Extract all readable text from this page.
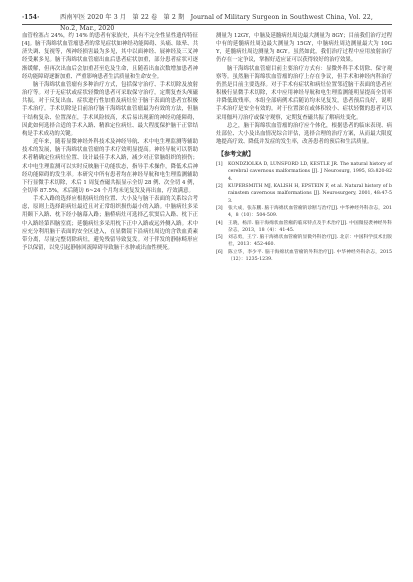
·154·	西南军医 2020 年 3 月　第 22 卷　第 2 期　Journal of Military Surgeon in Southwest China, Vol. 22, No.2, Mar., 2020

血管栓塞占 24%，约 14% 的患者有家族史，具有不完全性显性遗传特征[4]。脑干海绵状血管瘤患者的常见症状如神经功能障碍、头痛、眩晕、共济失调、复视等，颅神经损害最为多见，其中以面神经、展神经及三叉神经受累多见。脑干海绵状血管瘤出血后患者症状加重，部分患者症状可逐渐缓解，但再次出血后会加重甚至危及生命，且随着出血次数增加患者神经功能障碍逐渐加重、严重影响患者生活质量和生命安全。

脑干海绵状血管瘤有多种治疗方式，包括保守治疗、手术切除及放射治疗等。对于无症状或症状轻微的患者可采取保守治疗，定期复查头颅磁共振，对于反复出血、症状进行性加重及病灶位于脑干表面的患者宜积极手术治疗。手术切除是目前治疗脑干海绵状血管瘤最为有效的方法，但脑干结构复杂、位置深在，手术风险较高，术后易出现新的神经功能障碍，因此如何选择合适的手术入路、精准定位病灶、最大程度保护脑干正常结构是手术成功的关键。

近年来，随着显微神经外科技术及神经导航、术中电生理监测等辅助技术的发展，脑干海绵状血管瘤的手术疗效明显提高。神经导航可以帮助术者精确定位病灶位置、设计最佳手术入路，减少对正常脑组织的损伤；术中电生理监测可以实时反映脑干功能状态，指导手术操作，降低术后神经功能障碍的发生率。本研究中所有患者均在神经导航和电生理监测辅助下行显微手术切除，术后 1 周复查磁共振显示全切 28 例、次全切 4 例，全切率 87.5%，术后随访 6~24 个月均未见复发及再出血，疗效满意。

手术入路的选择应根据病灶的位置、大小及与脑干表面的关系综合考虑，原则上选择距病灶最近且对正常组织损伤最小的入路。中脑病灶多采用颞下入路、枕下经小脑幕入路；脑桥病灶可选择乙状窦后入路、枕下正中入路经第四脑室底；延髓病灶多采用枕下正中入路或远外侧入路。术中应充分利用脑干表面的安全区进入，在显微镜下沿病灶周边的含铁血黄素带分离，尽量完整切除病灶，避免残留导致复发。对于伴发的静脉畸形应予以保留，以免引起静脉回流障碍导致脑干水肿或出血性梗死。

测量为 12GY，中脑及延髓病灶周边最大测量为 8GY；目前我们治疗过程中有的延髓病灶周边最大测量为 15GY，中脑病灶周边测量最大为 10GY，延髓病灶周边测量为 8GY。虽然如此，我们治疗过程中应用放射治疗仍存在一定争议，掌握好适应证可以获得较好的治疗效果。

脑干海绵状血管瘤目前主要治疗方式有：显微外科手术切除、保守观察等。虽然脑干海绵状血管瘤的治疗上存在争议，但手术和神经内科治疗仍然是目前主要选择。对于手术有症状和病灶位置邻近脑干表面的患者应积极行显微手术切除，术中应用神经导航和电生理监测能明显提高全切率并降低致残率。本组全部病例术后随访均未见复发，患者预后良好，说明手术治疗是安全有效的。对于位置深在或体积较小、症状轻微的患者可以采用伽玛刀治疗或保守观察，定期复查磁共振了解病灶变化。

总之，脑干海绵状血管瘤的治疗应个体化，根据患者的临床表现、病灶部位、大小及出血情况综合评估，选择合理的治疗方案，从而最大限度地提高疗效、降低并发症的发生率，改善患者的预后和生活质量。

【参考文献】
[1] KONDZIOLKA D, LUNSFORD LD, KESTLE JR. The natural history of cerebral cavernous malformations [J]. J Neurosurg, 1995, 83:820-824.
[2] KUPERSMITH MJ, KALISH H, EPSTEIN F, et al. Natural history of brainstem cavernous malformations [J]. Neurosurgery, 2001, 48:47-53.
[3] 张大成，张东鹏. 脑干海绵状血管瘤的诊断与治疗[J]. 中华神经外科杂志，2014，8（10）：504-509.
[4] 王晓，杨洋. 脑干海绵状血管瘤的临床特点及手术治疗[J]. 中国微侵袭神经外科杂志，2013，18（4）：41-45.
[5] 刘志勇，王宁. 脑干海绵状血管瘤的显微外科治疗[J]. 北京：中国科学技术出版社，2013：452-460.
[6] 陈立华，李少平. 脑干海绵状血管瘤的外科治疗[J]. 中华神经外科杂志，2015（12）：1235-1239.
